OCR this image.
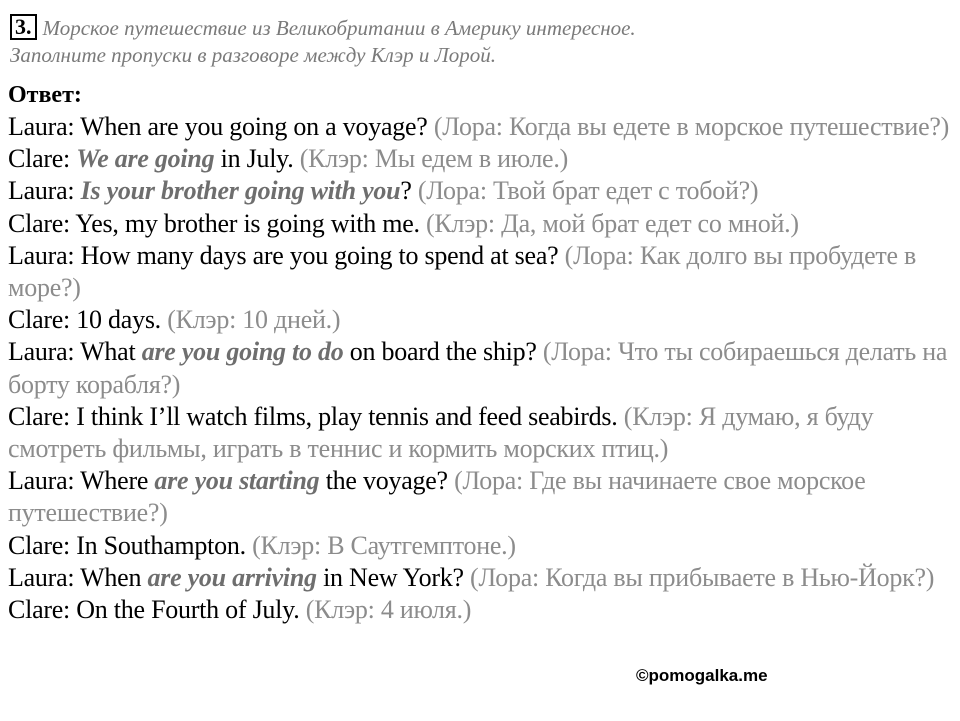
3. Морское путешествие из Великобритании в Америку интересное.
Заполните пропуски в разговоре между Клэр и Лорой.
Ответ:
Laura: When are you going on a voyage? (Лора: Когда вы едете в морское путешествие?)
Clare: We are going in July. (Клэр: Мы едем в июле.)
Laura: Is your brother going with you? (Лора: Твой брат едет с тобой?)
Clare: Yes, my brother is going with me. (Клэр: Да, мой брат едет со мной.)
Laura: How many days are you going to spend at sea? (Лора: Как долго вы пробудете в море?)
Clare: 10 days. (Клэр: 10 дней.)
Laura: What are you going to do on board the ship? (Лора: Что ты собираешься делать на борту корабля?)
Clare: I think I’ll watch films, play tennis and feed seabirds. (Клэр: Я думаю, я буду смотреть фильмы, играть в теннис и кормить морских птиц.)
Laura: Where are you starting the voyage? (Лора: Где вы начинаете свое морское путешествие?)
Clare: In Southampton. (Клэр: В Саутгемптоне.)
Laura: When are you arriving in New York? (Лора: Когда вы прибываете в Нью-Йорк?)
Clare: On the Fourth of July. (Клэр: 4 июля.)
©pomogalka.me
